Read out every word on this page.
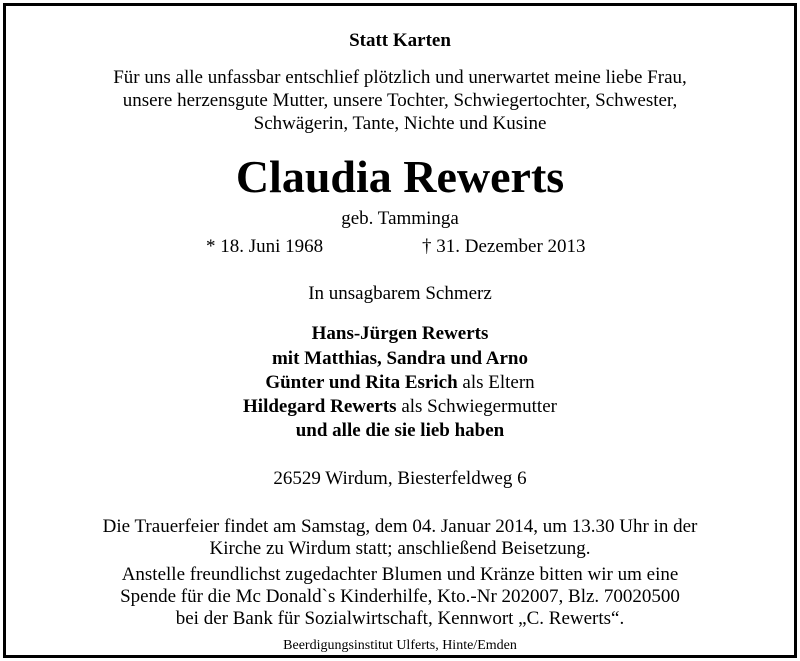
Statt Karten
Für uns alle unfassbar entschlief plötzlich und unerwartet meine liebe Frau,
unsere herzensgute Mutter, unsere Tochter, Schwiegertochter, Schwester,
Schwägerin, Tante, Nichte und Kusine
Claudia Rewerts
geb. Tamminga
* 18. Juni 1968	† 31. Dezember 2013
In unsagbarem Schmerz
Hans-Jürgen Rewerts
mit Matthias, Sandra und Arno
Günter und Rita Esrich als Eltern
Hildegard Rewerts als Schwiegermutter
und alle die sie lieb haben
26529 Wirdum, Biesterfeldweg 6
Die Trauerfeier findet am Samstag, dem 04. Januar 2014, um 13.30 Uhr in der
Kirche zu Wirdum statt; anschließend Beisetzung.
Anstelle freundlichst zugedachter Blumen und Kränze bitten wir um eine
Spende für die Mc Donald`s Kinderhilfe, Kto.-Nr 202007, Blz. 70020500
bei der Bank für Sozialwirtschaft, Kennwort „C. Rewerts“.
Beerdigungsinstitut Ulferts, Hinte/Emden
